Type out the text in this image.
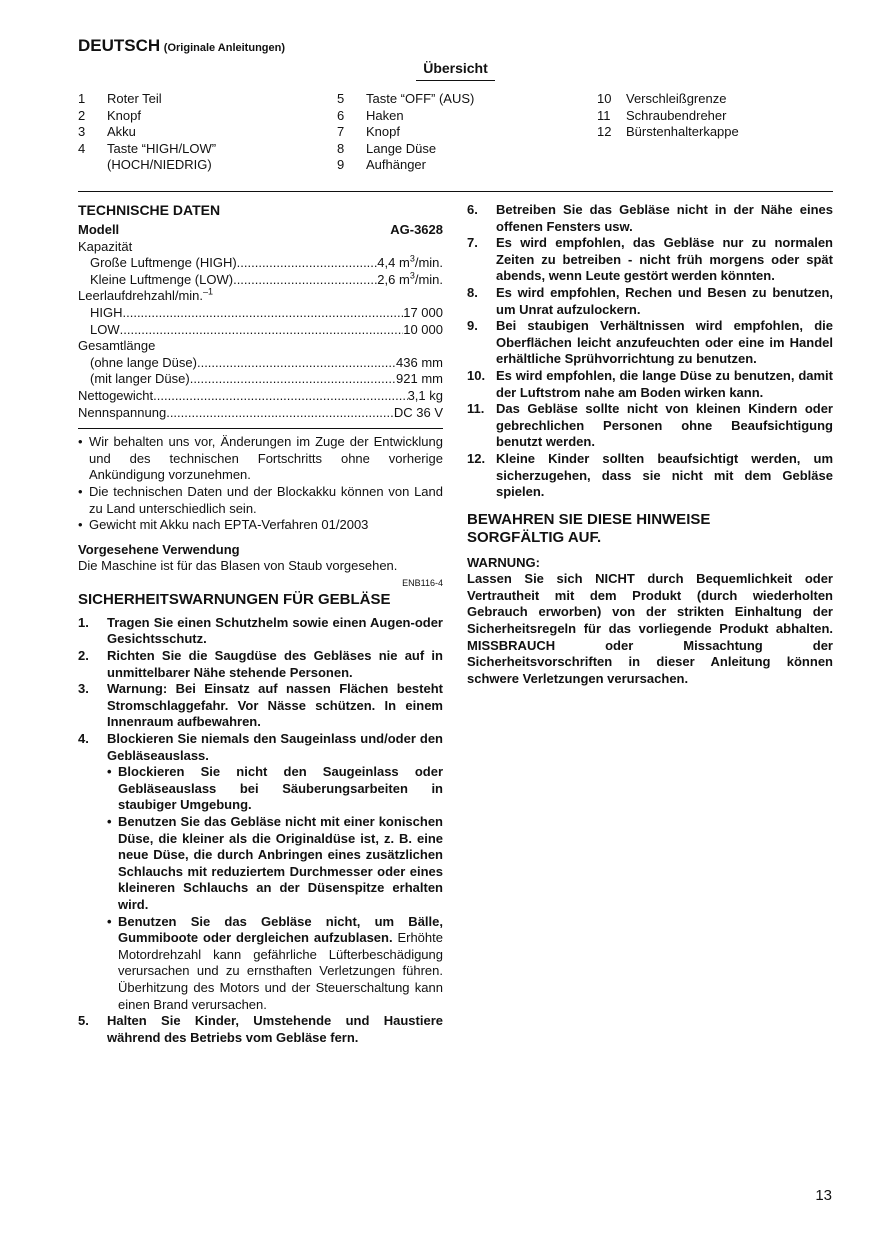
DEUTSCH (Originale Anleitungen)
Übersicht
1	Roter Teil
2	Knopf
3	Akku
4	Taste “HIGH/LOW”
(HOCH/NIEDRIG)
5	Taste “OFF” (AUS)
6	Haken
7	Knopf
8	Lange Düse
9	Aufhänger
10	Verschleißgrenze
11	Schraubendreher
12	Bürstenhalterkappe
TECHNISCHE DATEN
Modell	AG-3628
Kapazität
Große Luftmenge (HIGH) .....	4,4 $m^3/\min$.
Kleine Luftmenge (LOW) .....	2,6 $m^3/\min$.
Leerlaufdrehzahl/min.$^{-1}$
HIGH .....	17 000
LOW .....	10 000
Gesamtlänge
(ohne lange Düse) .....	436 mm
(mit langer Düse) .....	921 mm
Nettogewicht .....	3,1 kg
Nennspannung .....	DC 36 V
• Wir behalten uns vor, Änderungen im Zuge der Entwicklung und des technischen Fortschritts ohne vorherige Ankündigung vorzunehmen.
• Die technischen Daten und der Blockakku können von Land zu Land unterschiedlich sein.
• Gewicht mit Akku nach EPTA-Verfahren 01/2003
Vorgesehene Verwendung
Die Maschine ist für das Blasen von Staub vorgesehen.
ENB116-4
SICHERHEITSWARNUNGEN FÜR GEBLÄSE
1.	Tragen Sie einen Schutzhelm sowie einen Augen-oder Gesichtsschutz.
2.	Richten Sie die Saugdüse des Gebläses nie auf in unmittelbarer Nähe stehende Personen.
3.	Warnung: Bei Einsatz auf nassen Flächen besteht Stromschlaggefahr. Vor Nässe schützen. In einem Innenraum aufbewahren.
4.	Blockieren Sie niemals den Saugeinlass und/oder den Gebläseauslass.
• Blockieren Sie nicht den Saugeinlass oder Gebläseauslass bei Säuberungsarbeiten in staubiger Umgebung.
• Benutzen Sie das Gebläse nicht mit einer konischen Düse, die kleiner als die Originaldüse ist, z. B. eine neue Düse, die durch Anbringen eines zusätzlichen Schlauchs mit reduziertem Durchmesser oder eines kleineren Schlauchs an der Düsenspitze erhalten wird.
• Benutzen Sie das Gebläse nicht, um Bälle, Gummiboote oder dergleichen aufzublasen. Erhöhte Motordrehzahl kann gefährliche Lüfterbeschädigung verursachen und zu ernsthaften Verletzungen führen. Überhitzung des Motors und der Steuerschaltung kann einen Brand verursachen.
5.	Halten Sie Kinder, Umstehende und Haustiere während des Betriebs vom Gebläse fern.
6.	Betreiben Sie das Gebläse nicht in der Nähe eines offenen Fensters usw.
7.	Es wird empfohlen, das Gebläse nur zu normalen Zeiten zu betreiben - nicht früh morgens oder spät abends, wenn Leute gestört werden könnten.
8.	Es wird empfohlen, Rechen und Besen zu benutzen, um Unrat aufzulockern.
9.	Bei staubigen Verhältnissen wird empfohlen, die Oberflächen leicht anzufeuchten oder eine im Handel erhältliche Sprühvorrichtung zu benutzen.
10. Es wird empfohlen, die lange Düse zu benutzen, damit der Luftstrom nahe am Boden wirken kann.
11. Das Gebläse sollte nicht von kleinen Kindern oder gebrechlichen Personen ohne Beaufsichtigung benutzt werden.
12. Kleine Kinder sollten beaufsichtigt werden, um sicherzugehen, dass sie nicht mit dem Gebläse spielen.
BEWAHREN SIE DIESE HINWEISE SORGFÄLTIG AUF.
WARNUNG:
Lassen Sie sich NICHT durch Bequemlichkeit oder Vertrautheit mit dem Produkt (durch wiederholten Gebrauch erworben) von der strikten Einhaltung der Sicherheitsregeln für das vorliegende Produkt abhalten. MISSBRAUCH oder Missachtung der Sicherheitsvorschriften in dieser Anleitung können schwere Verletzungen verursachen.
13
